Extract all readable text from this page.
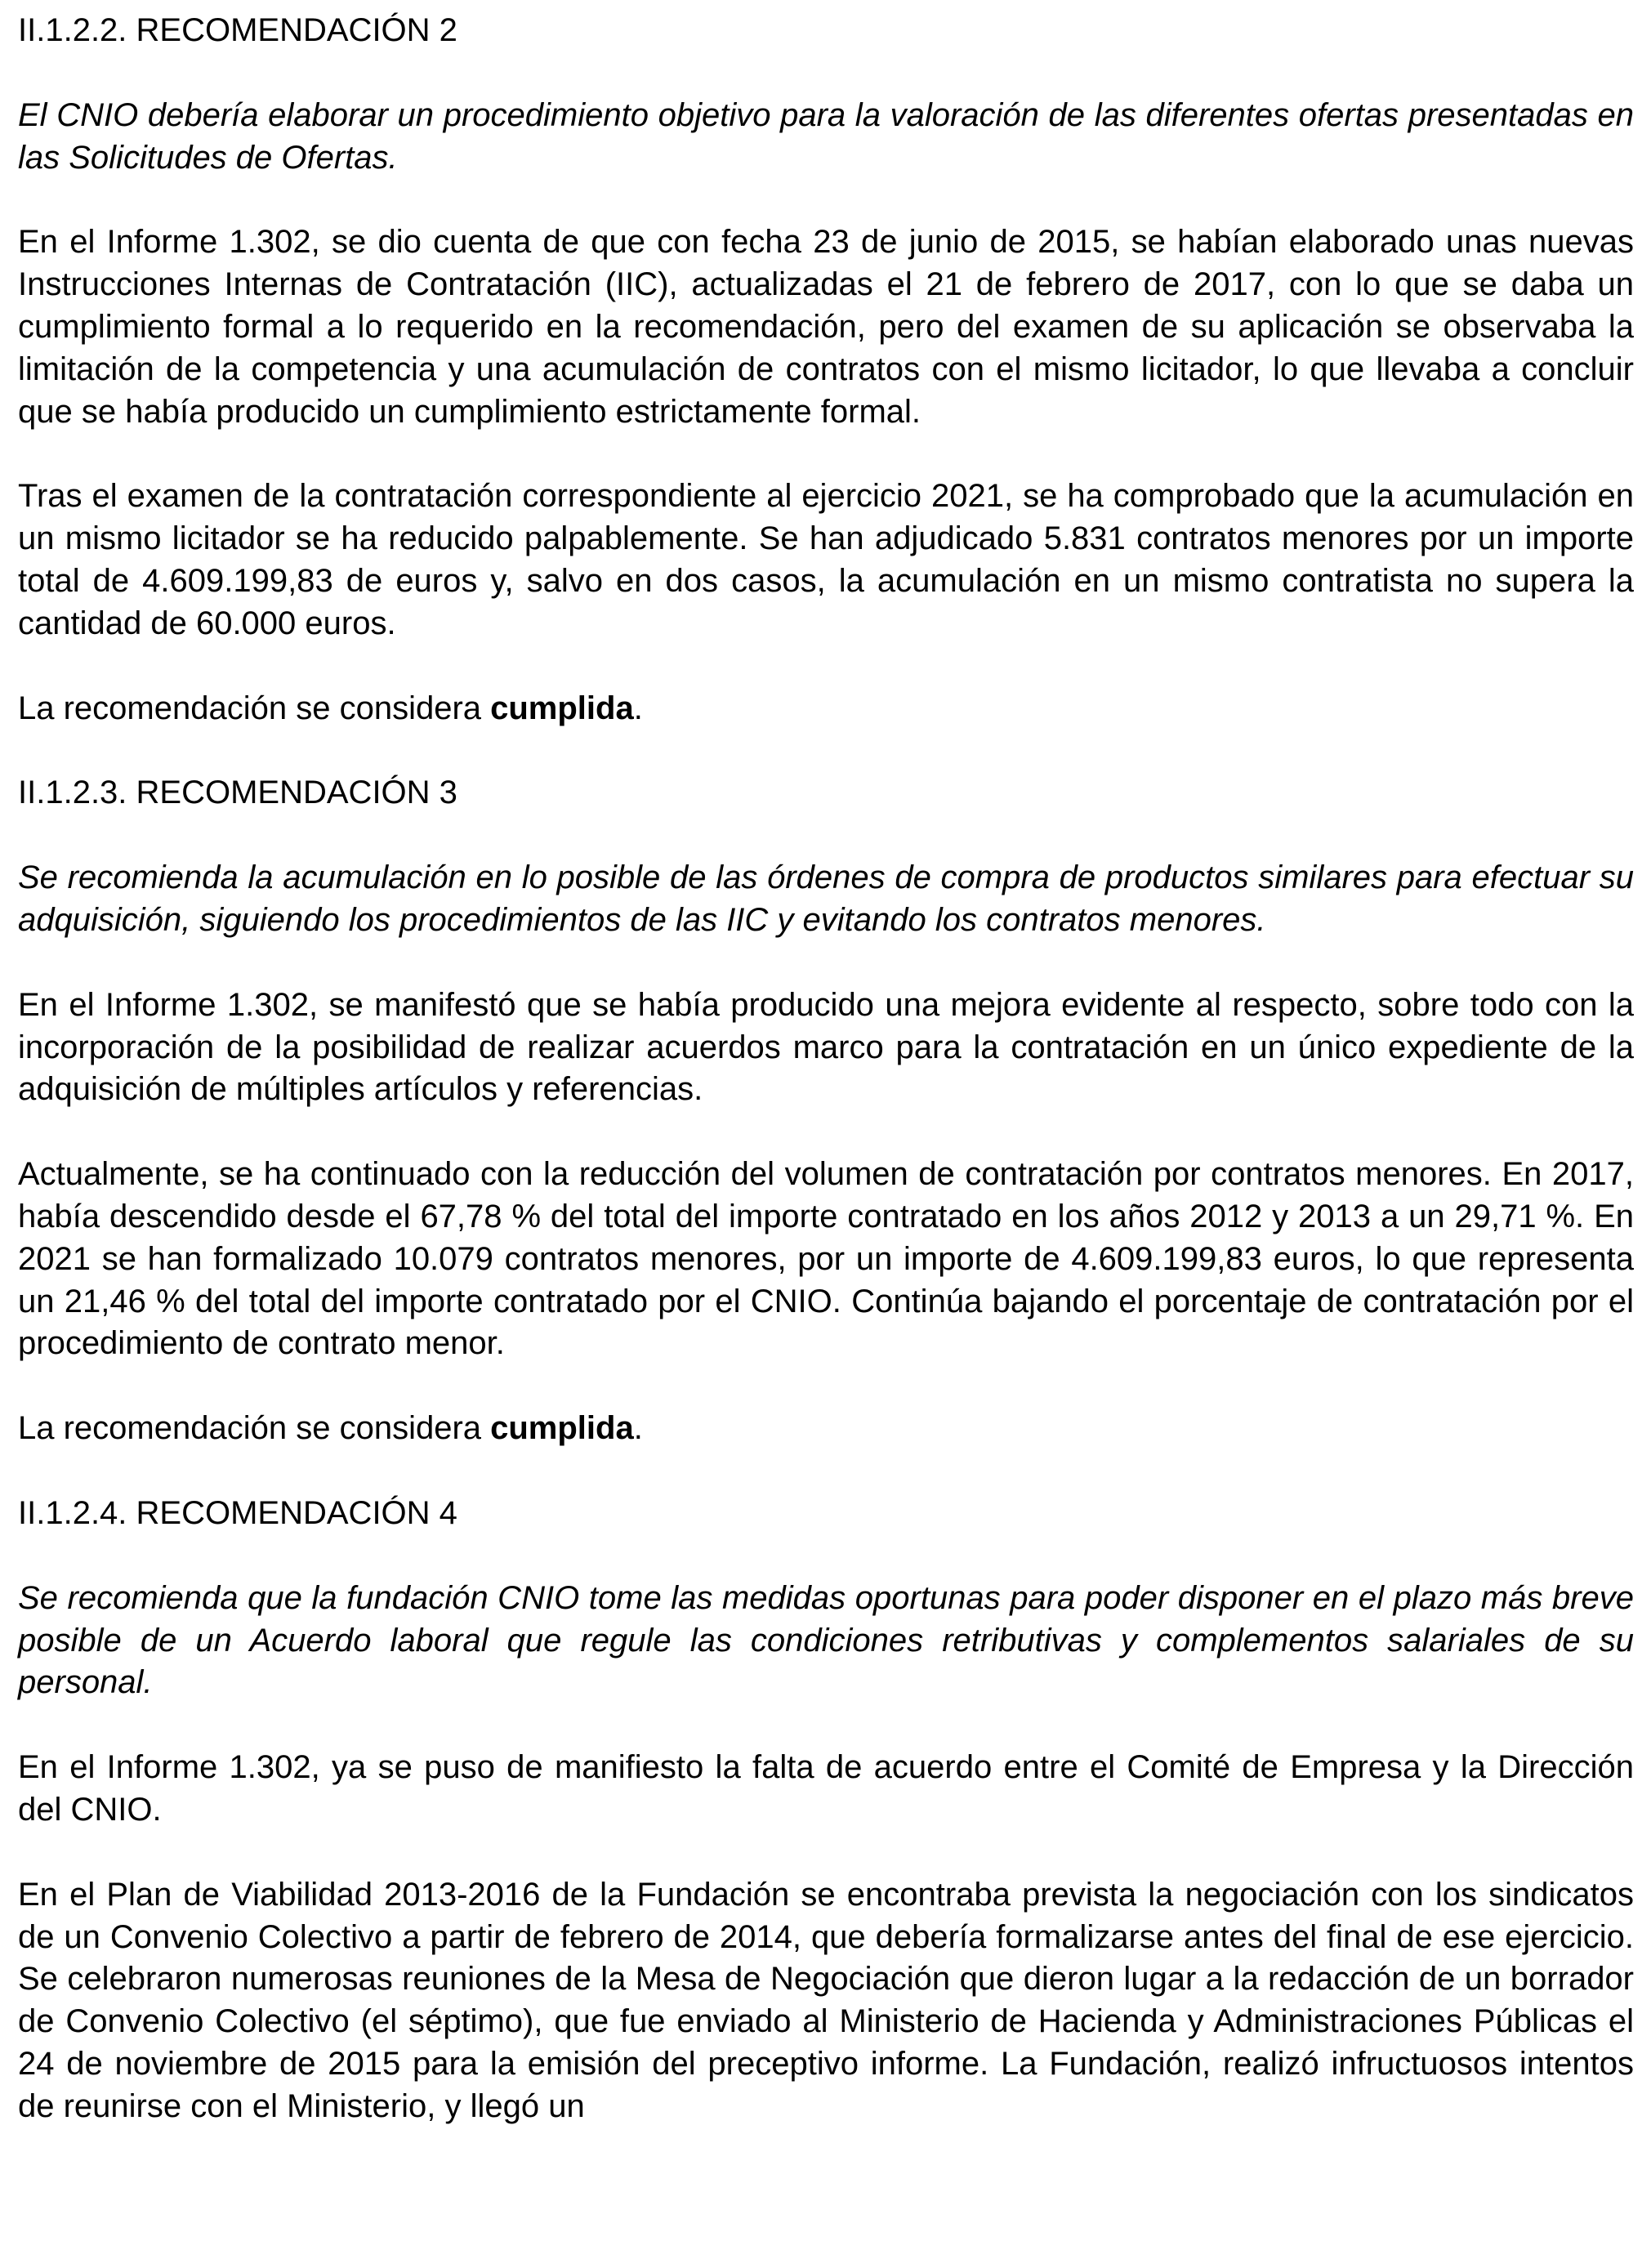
II.1.2.2. RECOMENDACIÓN 2
El CNIO debería elaborar un procedimiento objetivo para la valoración de las diferentes ofertas presentadas en las Solicitudes de Ofertas.
En el Informe 1.302, se dio cuenta de que con fecha 23 de junio de 2015, se habían elaborado unas nuevas Instrucciones Internas de Contratación (IIC), actualizadas el 21 de febrero de 2017, con lo que se daba un cumplimiento formal a lo requerido en la recomendación, pero del examen de su aplicación se observaba la limitación de la competencia y una acumulación de contratos con el mismo licitador, lo que llevaba a concluir que se había producido un cumplimiento estrictamente formal.
Tras el examen de la contratación correspondiente al ejercicio 2021, se ha comprobado que la acumulación en un mismo licitador se ha reducido palpablemente. Se han adjudicado 5.831 contratos menores por un importe total de 4.609.199,83 de euros y, salvo en dos casos, la acumulación en un mismo contratista no supera la cantidad de 60.000 euros.
La recomendación se considera cumplida.
II.1.2.3. RECOMENDACIÓN 3
Se recomienda la acumulación en lo posible de las órdenes de compra de productos similares para efectuar su adquisición, siguiendo los procedimientos de las IIC y evitando los contratos menores.
En el Informe 1.302, se manifestó que se había producido una mejora evidente al respecto, sobre todo con la incorporación de la posibilidad de realizar acuerdos marco para la contratación en un único expediente de la adquisición de múltiples artículos y referencias.
Actualmente, se ha continuado con la reducción del volumen de contratación por contratos menores. En 2017, había descendido desde el 67,78 % del total del importe contratado en los años 2012 y 2013 a un 29,71 %. En 2021 se han formalizado 10.079 contratos menores, por un importe de 4.609.199,83 euros, lo que representa un 21,46 % del total del importe contratado por el CNIO. Continúa bajando el porcentaje de contratación por el procedimiento de contrato menor.
La recomendación se considera cumplida.
II.1.2.4. RECOMENDACIÓN 4
Se recomienda que la fundación CNIO tome las medidas oportunas para poder disponer en el plazo más breve posible de un Acuerdo laboral que regule las condiciones retributivas y complementos salariales de su personal.
En el Informe 1.302, ya se puso de manifiesto la falta de acuerdo entre el Comité de Empresa y la Dirección del CNIO.
En el Plan de Viabilidad 2013-2016 de la Fundación se encontraba prevista la negociación con los sindicatos de un Convenio Colectivo a partir de febrero de 2014, que debería formalizarse antes del final de ese ejercicio. Se celebraron numerosas reuniones de la Mesa de Negociación que dieron lugar a la redacción de un borrador de Convenio Colectivo (el séptimo), que fue enviado al Ministerio de Hacienda y Administraciones Públicas el 24 de noviembre de 2015 para la emisión del preceptivo informe. La Fundación, realizó infructuosos intentos de reunirse con el Ministerio, y llegó un
